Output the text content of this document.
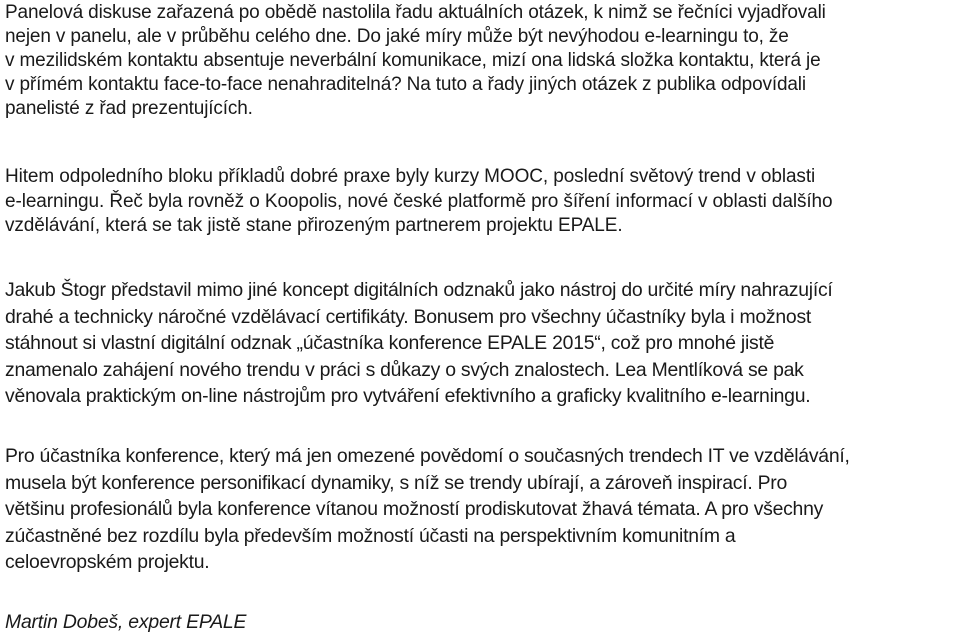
Panelová diskuse zařazená po obědě nastolila řadu aktuálních otázek, k nimž se řečníci vyjadřovali
nejen v panelu, ale v průběhu celého dne. Do jaké míry může být nevýhodou e-learningu to, že
v mezilidském kontaktu absentuje neverbální komunikace, mizí ona lidská složka kontaktu, která je
v přímém kontaktu face-to-face nenahraditelná? Na tuto a řady jiných otázek z publika odpovídali
panelisté z řad prezentujících.

Hitem odpoledního bloku příkladů dobré praxe byly kurzy MOOC, poslední světový trend v oblasti
e-learningu. Řeč byla rovněž o Koopolis, nové české platformě pro šíření informací v oblasti dalšího
vzdělávání, která se tak jistě stane přirozeným partnerem projektu EPALE.

Jakub Štogr představil mimo jiné koncept digitálních odznaků jako nástroj do určité míry nahrazující
drahé a technicky náročné vzdělávací certifikáty. Bonusem pro všechny účastníky byla i možnost
stáhnout si vlastní digitální odznak „účastníka konference EPALE 2015“, což pro mnohé jistě
znamenalo zahájení nového trendu v práci s důkazy o svých znalostech. Lea Mentlíková se pak
věnovala praktickým on-line nástrojům pro vytváření efektivního a graficky kvalitního e-learningu.

Pro účastníka konference, který má jen omezené povědomí o současných trendech IT ve vzdělávání,
musela být konference personifikací dynamiky, s níž se trendy ubírají, a zároveň inspirací. Pro
většinu profesionálů byla konference vítanou možností prodiskutovat žhavá témata. A pro všechny
zúčastněné bez rozdílu byla především možností účasti na perspektivním komunitním a
celoevropském projektu.

Martin Dobeš, expert EPALE
